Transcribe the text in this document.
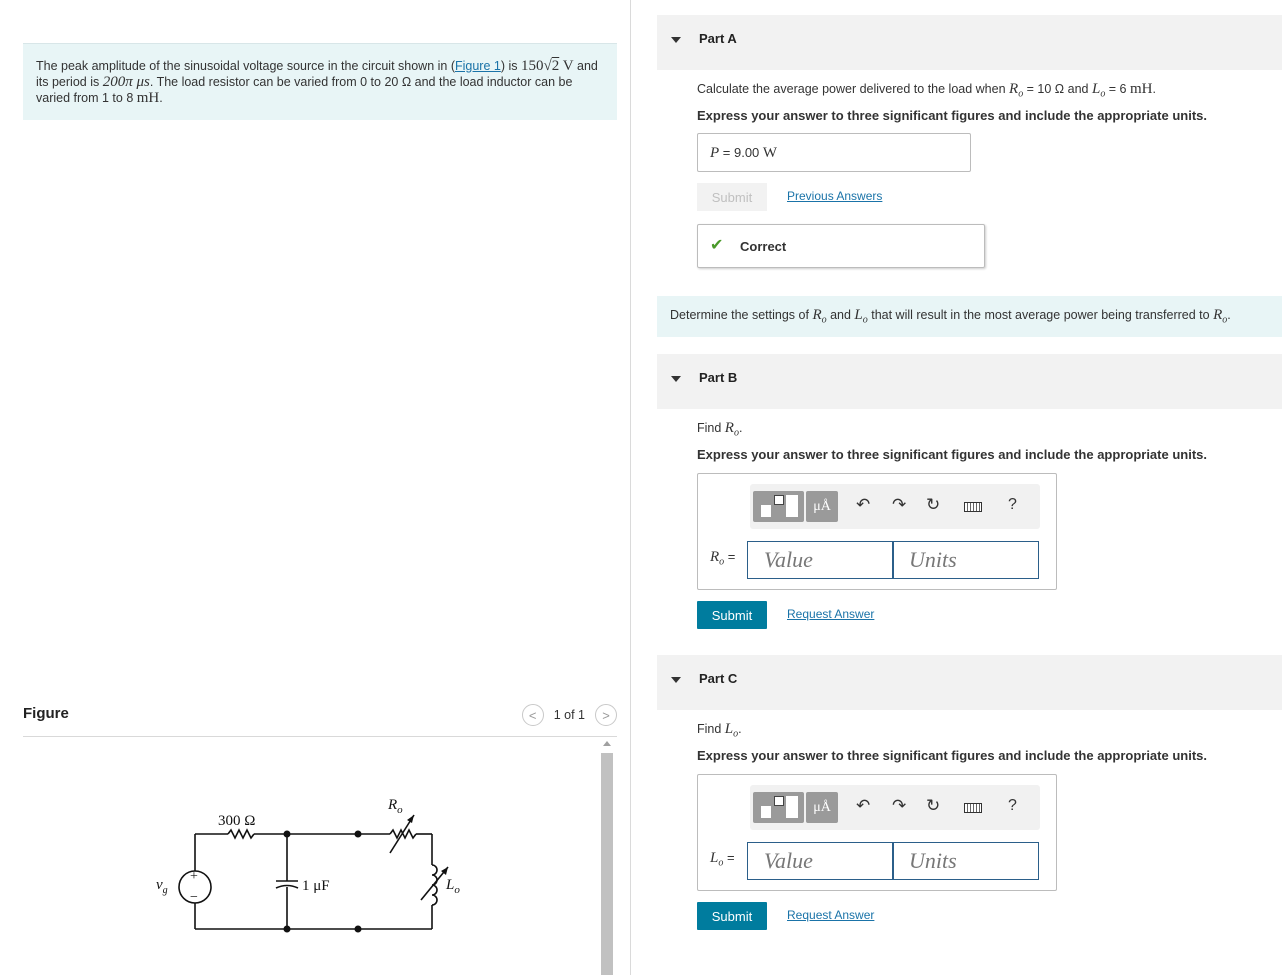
The peak amplitude of the sinusoidal voltage source in the circuit shown in (Figure 1) is 150√2 V and its period is 200π μs. The load resistor can be varied from 0 to 20 Ω and the load inductor can be varied from 1 to 8 mH.
Figure	< 1 of 1 >
300 Ω
$R_o$
1 μF	$L_o$
$v_g$
+
−
Part A
Calculate the average power delivered to the load when $R_o = 10$ Ω and $L_o = 6$ mH.
Express your answer to three significant figures and include the appropriate units.
P = 9.00 W
Submit	Previous Answers
✔ Correct
Determine the settings of $R_o$ and $L_o$ that will result in the most average power being transferred to $R_o$.
Part B
Find $R_o$.
Express your answer to three significant figures and include the appropriate units.
μÅ	↶ ↷ ↻	?
$R_o$ =	Value	Units
Submit	Request Answer
Part C
Find $L_o$.
Express your answer to three significant figures and include the appropriate units.
μÅ	↶ ↷ ↻	?
$L_o$ =	Value	Units
Submit	Request Answer
